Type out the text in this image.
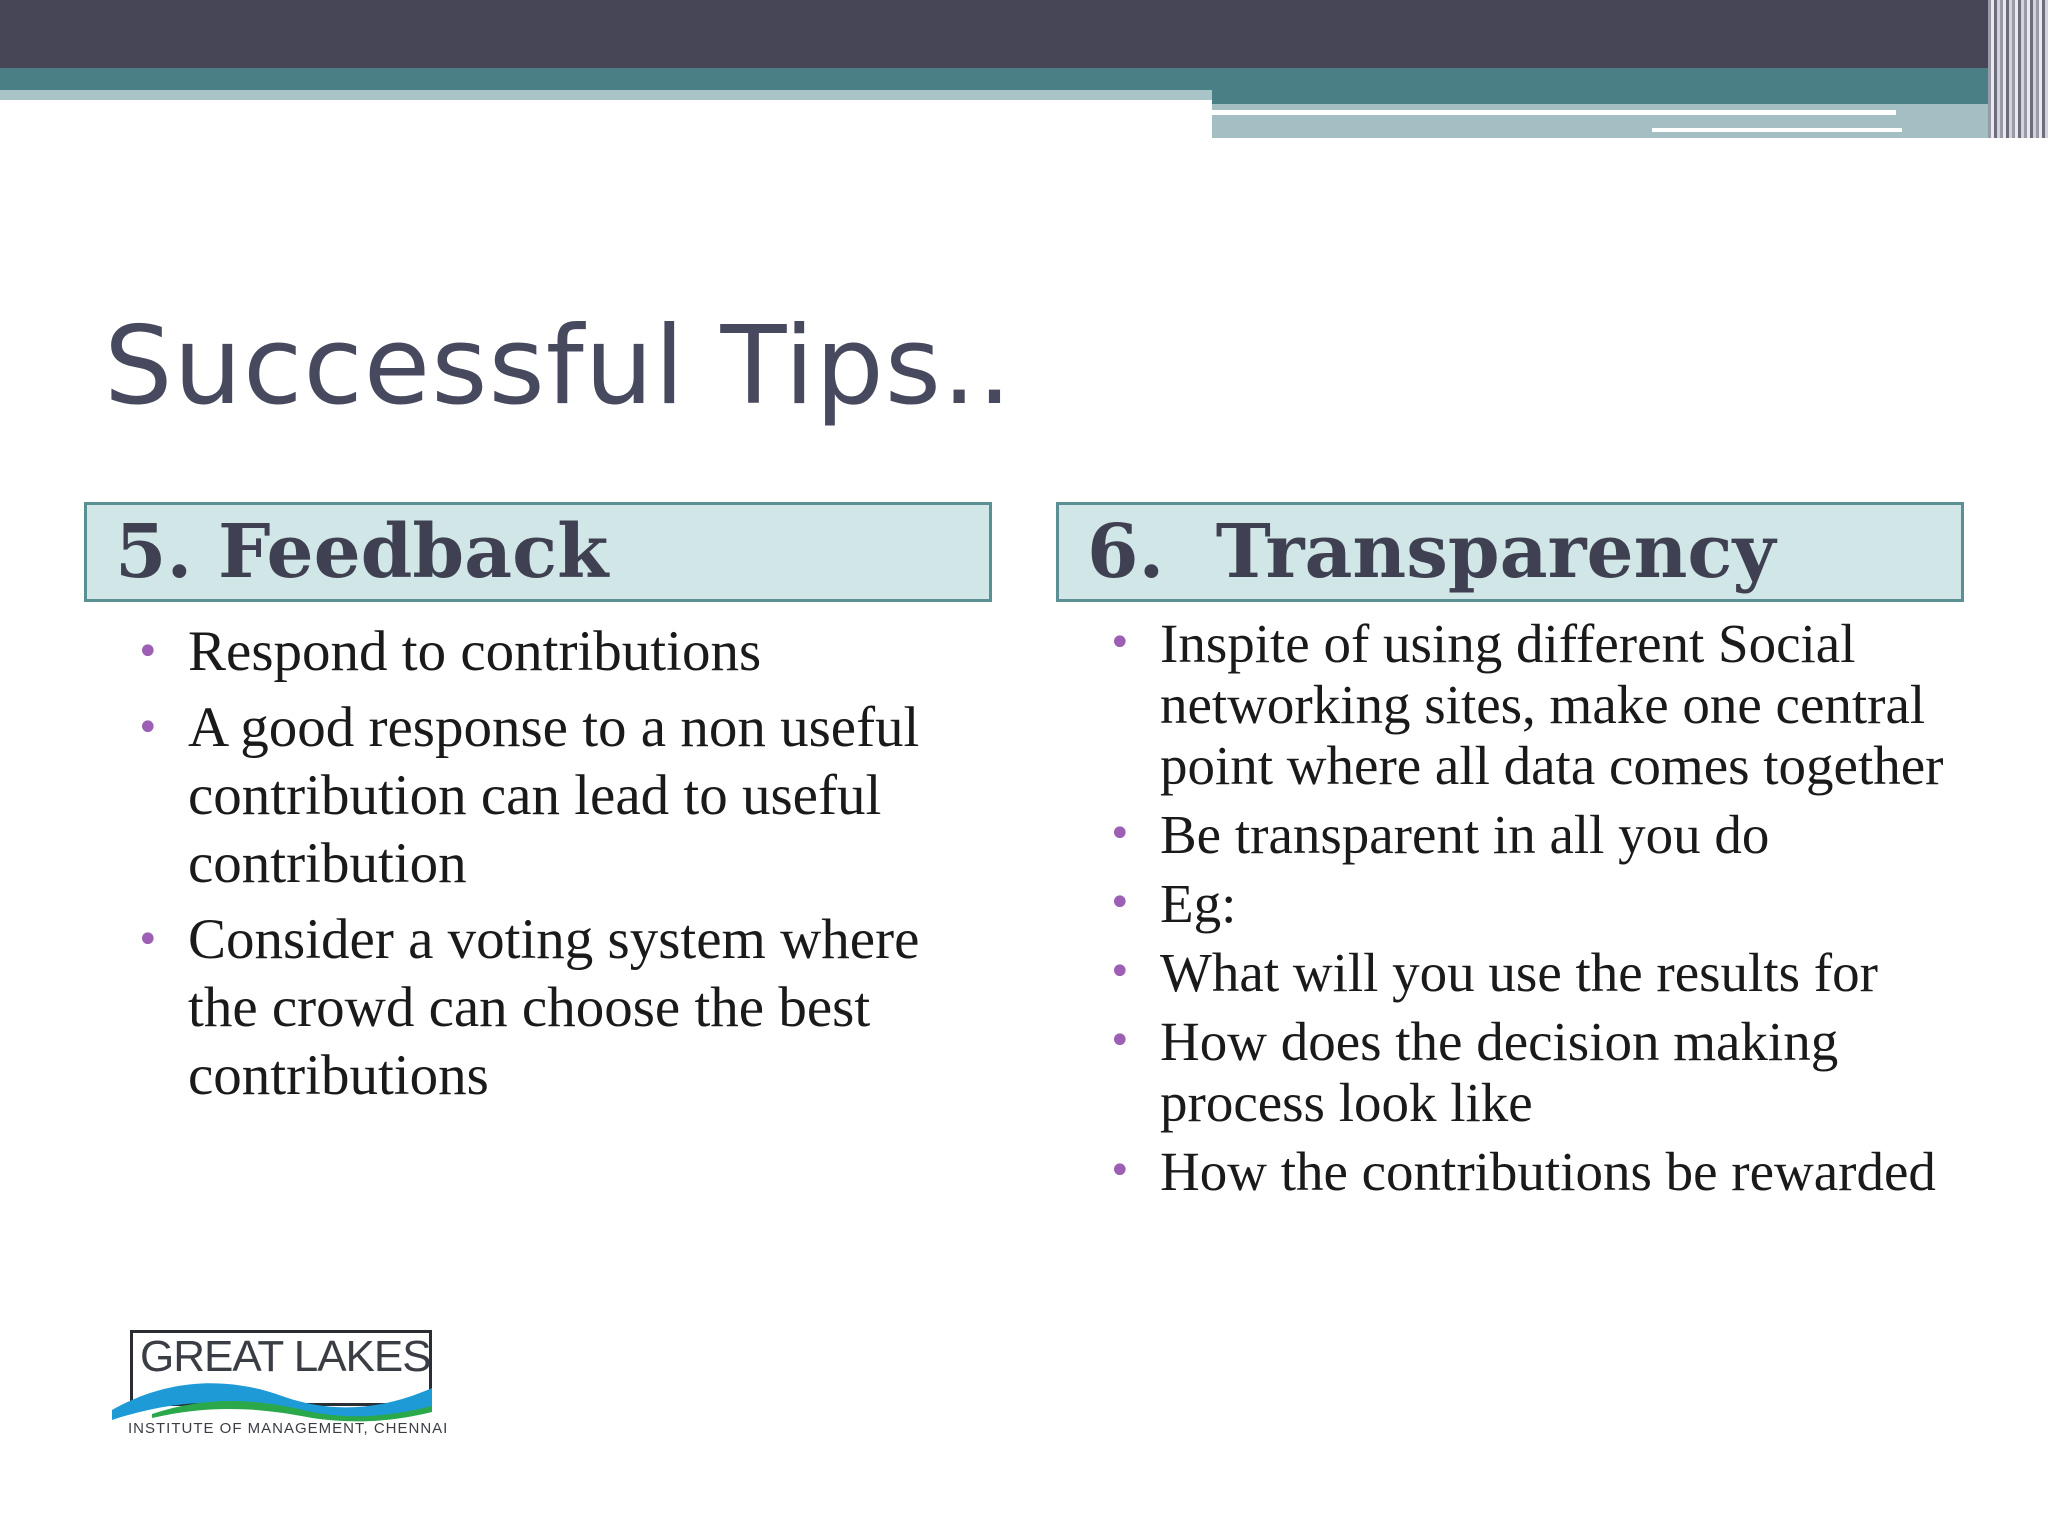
Successful Tips..
5. Feedback
• Respond to contributions
• A good response to a non useful contribution can lead to useful contribution
• Consider a voting system where the crowd can choose the best contributions
6.  Transparency
• Inspite of using different Social networking sites, make one central point where all data comes together
• Be transparent in all you do
• Eg:
• What will you use the results for
• How does the decision making process look like
• How the contributions be rewarded
GREAT LAKES
INSTITUTE OF MANAGEMENT, CHENNAI
